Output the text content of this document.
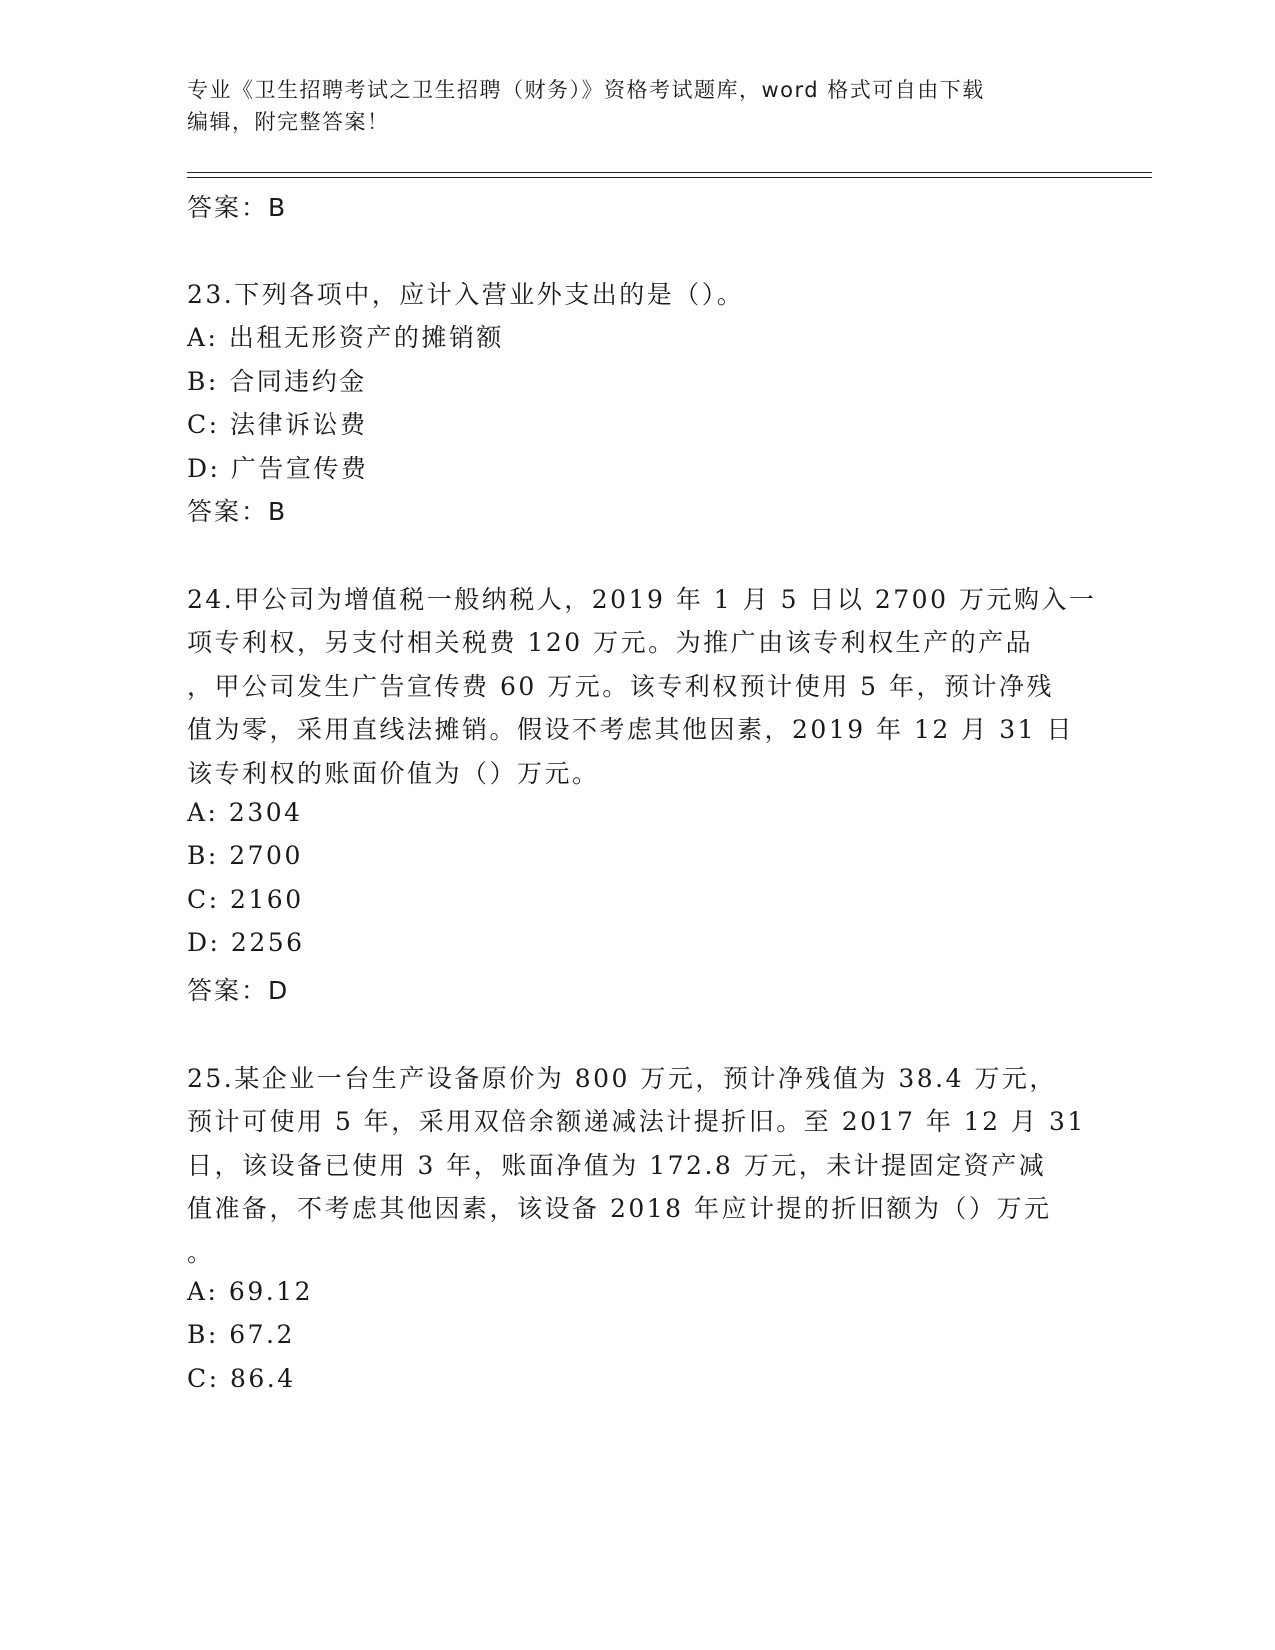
专业《卫生招聘考试之卫生招聘（财务）》资格考试题库，word 格式可自由下载
编辑，附完整答案！
答案：B
23.下列各项中，应计入营业外支出的是（）。
A: 出租无形资产的摊销额
B: 合同违约金
C: 法律诉讼费
D: 广告宣传费
答案：B
24.甲公司为增值税一般纳税人，2019 年 1 月 5 日以 2700 万元购入一
项专利权，另支付相关税费 120 万元。为推广由该专利权生产的产品
，甲公司发生广告宣传费 60 万元。该专利权预计使用 5 年，预计净残
值为零，采用直线法摊销。假设不考虑其他因素，2019 年 12 月 31 日
该专利权的账面价值为（）万元。
A: 2304
B: 2700
C: 2160
D: 2256
答案：D
25.某企业一台生产设备原价为 800 万元，预计净残值为 38.4 万元，
预计可使用 5 年，采用双倍余额递减法计提折旧。至 2017 年 12 月 31
日，该设备已使用 3 年，账面净值为 172.8 万元，未计提固定资产减
值准备，不考虑其他因素，该设备 2018 年应计提的折旧额为（）万元
。
A: 69.12
B: 67.2
C: 86.4
